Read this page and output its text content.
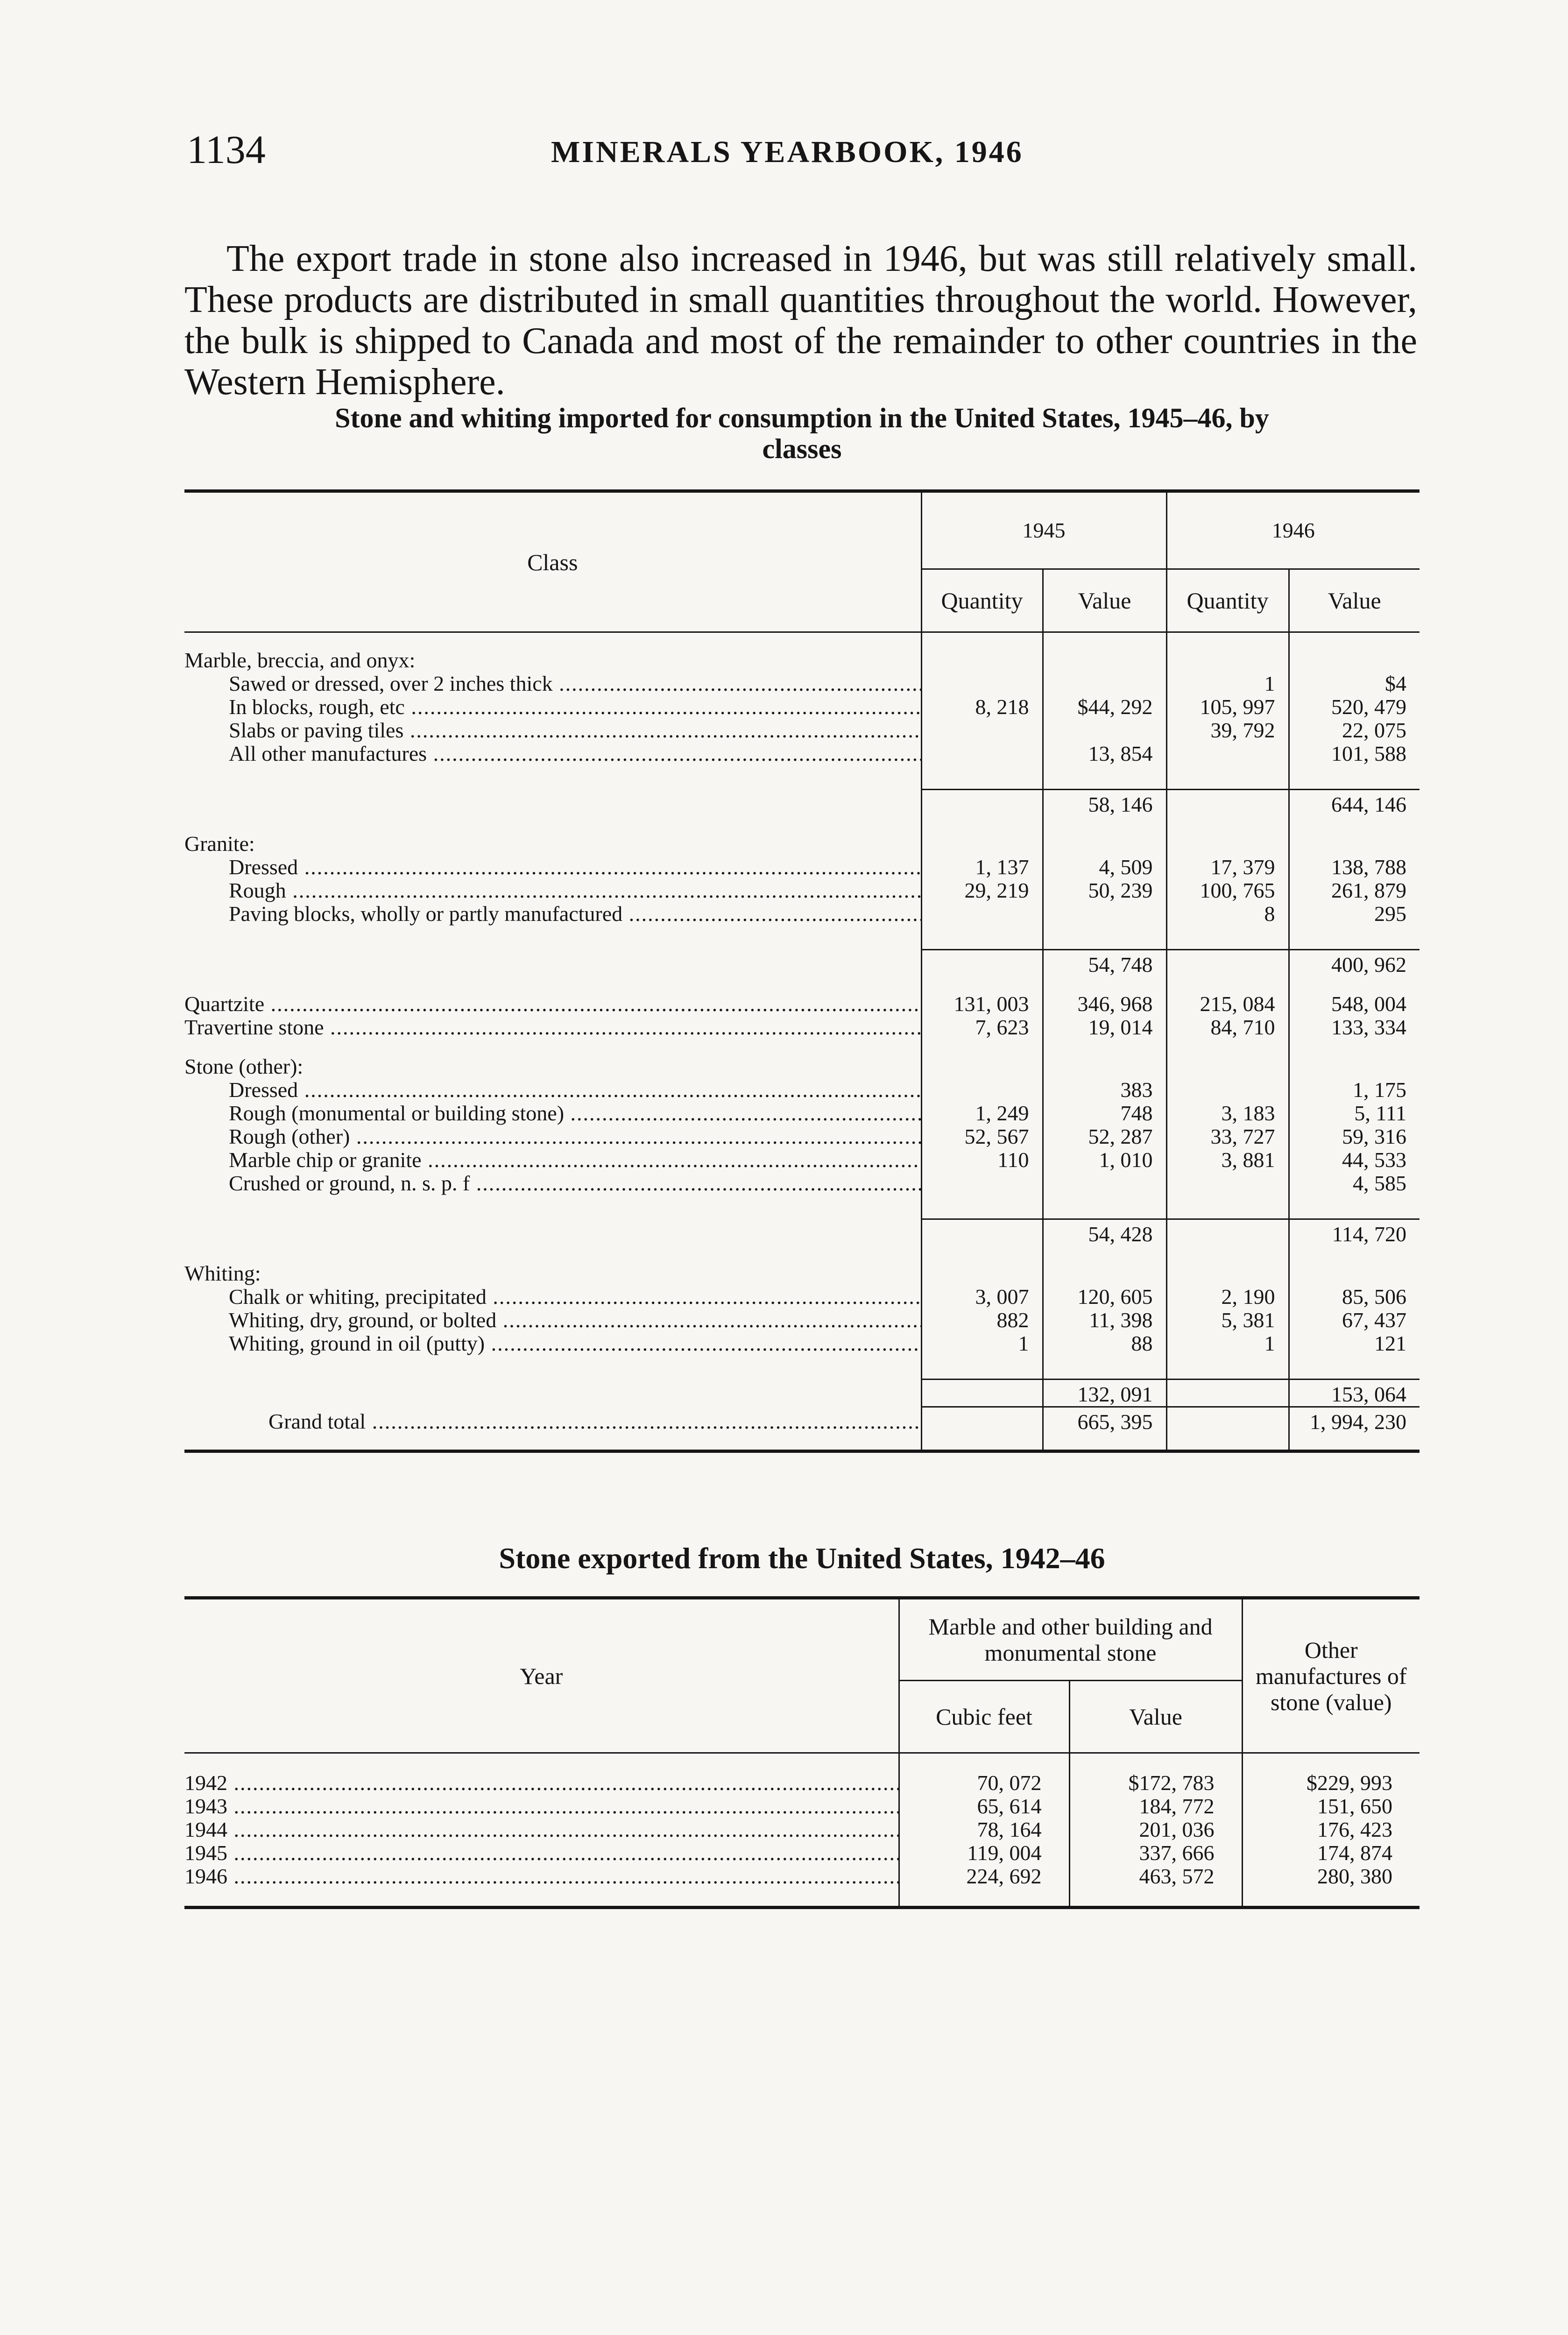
1134	MINERALS YEARBOOK, 1946

The export trade in stone also increased in 1946, but was still relatively small. These products are distributed in small quantities throughout the world. However, the bulk is shipped to Canada and most of the remainder to other countries in the Western Hemisphere.

Stone and whiting imported for consumption in the United States, 1945–46, by
classes
Class	1945		1946	
	Quantity	Value	Quantity	Value

Marble, breccia, and onyx:				
Sawed or dressed, over 2 inches thick .....			1	$4
In blocks, rough, etc .....	8, 218	$44, 292	105, 997	520, 479
Slabs or paving tiles .....			39, 792	22, 075
All other manufactures .....		13, 854		101, 588

		58, 146		644, 146

Granite:				
Dressed .....	1, 137	4, 509	17, 379	138, 788
Rough .....	29, 219	50, 239	100, 765	261, 879
Paving blocks, wholly or partly manufactured .....			8	295

		54, 748		400, 962

Quartzite .....	131, 003	346, 968	215, 084	548, 004
Travertine stone .....	7, 623	19, 014	84, 710	133, 334

Stone (other):				
Dressed .....		383		1, 175
Rough (monumental or building stone) .....	1, 249	748	3, 183	5, 111
Rough (other) .....	52, 567	52, 287	33, 727	59, 316
Marble chip or granite .....	110	1, 010	3, 881	44, 533
Crushed or ground, n. s. p. f .....				4, 585

		54, 428		114, 720

Whiting:				
Chalk or whiting, precipitated .....	3, 007	120, 605	2, 190	85, 506
Whiting, dry, ground, or bolted .....	882	11, 398	5, 381	67, 437
Whiting, ground in oil (putty) .....	1	88	1	121

		132, 091		153, 064
Grand total .....		665, 395		1, 994, 230

Stone exported from the United States, 1942–46
Year	Marble and other building and monumental stone		Other manufactures of stone (value)
	Cubic feet	Value	

1942 .....	70, 072	$172, 783	$229, 993
1943 .....	65, 614	184, 772	151, 650
1944 .....	78, 164	201, 036	176, 423
1945 .....	119, 004	337, 666	174, 874
1946 .....	224, 692	463, 572	280, 380
